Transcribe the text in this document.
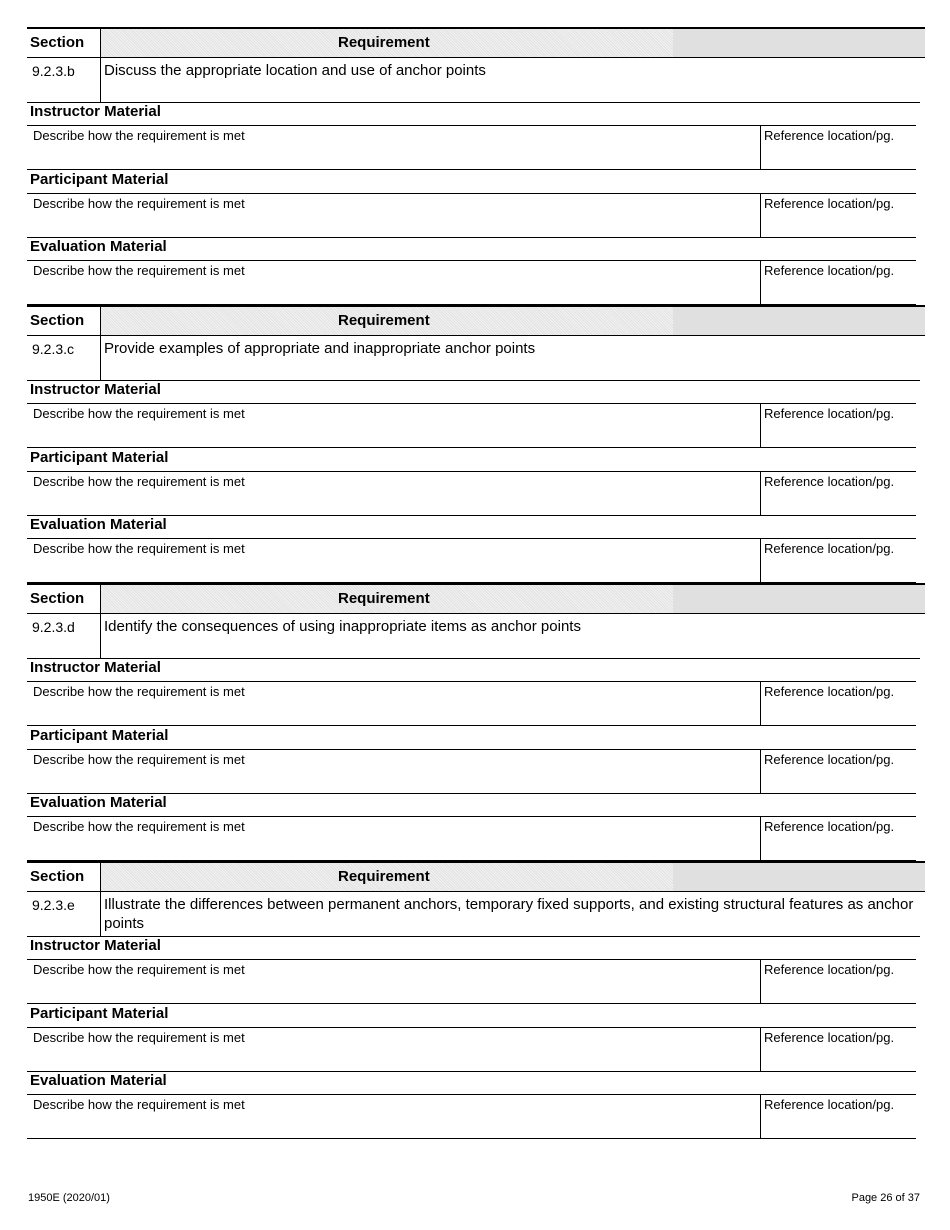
Section	Requirement
9.2.3.b Discuss the appropriate location and use of anchor points
Instructor Material
Describe how the requirement is met	Reference location/pg.
Participant Material
Describe how the requirement is met	Reference location/pg.
Evaluation Material
Describe how the requirement is met	Reference location/pg.
Section	Requirement
9.2.3.c Provide examples of appropriate and inappropriate anchor points
Instructor Material
Describe how the requirement is met	Reference location/pg.
Participant Material
Describe how the requirement is met	Reference location/pg.
Evaluation Material
Describe how the requirement is met	Reference location/pg.
Section	Requirement
9.2.3.d Identify the consequences of using inappropriate items as anchor points
Instructor Material
Describe how the requirement is met	Reference location/pg.
Participant Material
Describe how the requirement is met	Reference location/pg.
Evaluation Material
Describe how the requirement is met	Reference location/pg.
Section	Requirement
9.2.3.e Illustrate the differences between permanent anchors, temporary fixed supports, and existing structural features as anchor points
Instructor Material
Describe how the requirement is met	Reference location/pg.
Participant Material
Describe how the requirement is met	Reference location/pg.
Evaluation Material
Describe how the requirement is met	Reference location/pg.
1950E (2020/01)	Page 26 of 37
